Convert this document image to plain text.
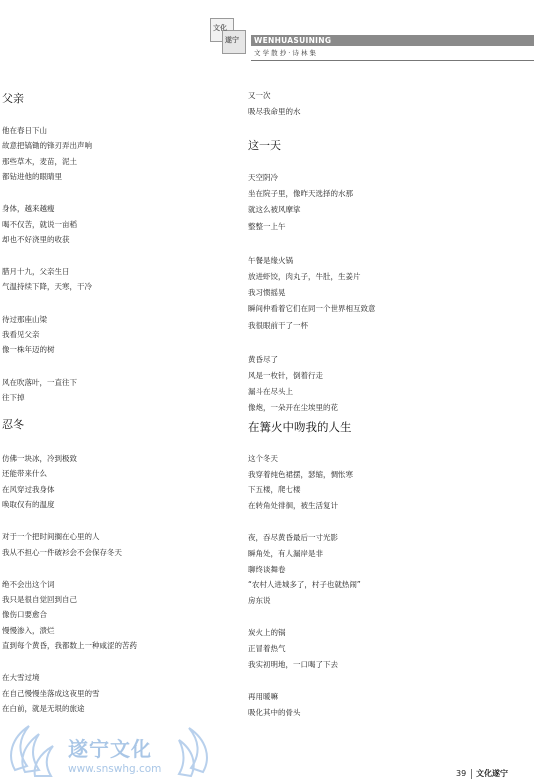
文化
遂宁 WENHUASUINING
文 学 散 抄 · 诗 林 集
父亲
他在春日下山
故意把镐锄的锋刃弄出声响
那些草木，麦苗，泥土
都钻进他的眼睛里
身体，越来越瘦
喝不仅苦，就说一亩稻
却也不好浇里的收获
腊月十九，父亲生日
气温持续下降，天寒，干冷
待过那座山梁
我看见父亲
像一株年迈的树
风在吹落叶，一直往下
往下掉
忍冬
仿佛一块冰，冷到极致
还能带来什么
在风穿过我身体
唤取仅有的温度
对于一个把时间搁在心里的人
我从不担心一件破衫会不会保存冬天
绝不会出这个词
我只是很自觉回到自己
像伤口要愈合
慢慢渗入，溃烂
直到每个黄昏，我都数上一种咸涩的苦药
在大雪过境
在自己慢慢坐落成这夜里的雪
在白前，就是无垠的旅途
又一次
吸尽我命里的水
这一天
天空阴冷
坐在院子里，像昨天选择的水那
就这么被风摩挲
整整一上午
午餐是缘火锅
放进虾饺，肉丸子，牛肚，生姜片
我习惯摇晃
瞬间仲看着它们在同一个世界相互致意
我很眼前干了一杯
黄昏尽了
风是一枚针，倒着行走
漏斗在尽头上
像炮，一朵开在尘埃里的花
在篝火中吻我的人生
这个冬天
我穿着纯色裙摆，瑟缩，惆怅寒
下五楼，爬七楼
在转角处徘徊，被生活复计
夜，吞尽黄昏最后一寸光影
瞬角处，有人漏岸是非
聊终谈舞卷
“农村人进城多了，村子也就热闹”
房东说
炭火上的锅
正冒着热气
我实初明地，一口喝了下去
再用暖嘛
吸化其中的骨头
遂宁文化
www.snswhg.com	39 文化遂宁
